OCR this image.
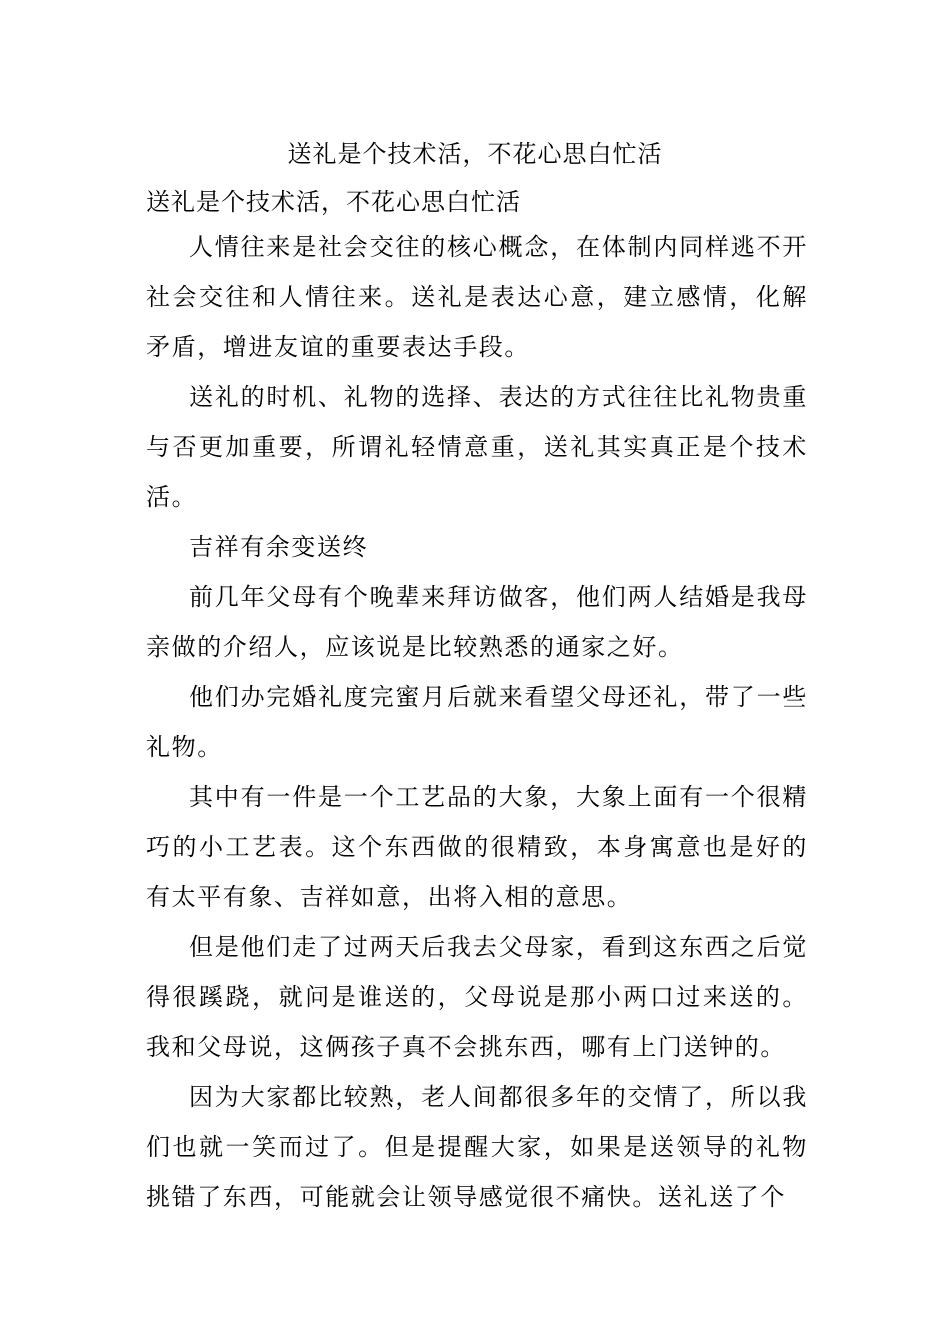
送礼是个技术活，不花心思白忙活

送礼是个技术活，不花心思白忙活

人情往来是社会交往的核心概念，在体制内同样逃不开社会交往和人情往来。送礼是表达心意，建立感情，化解矛盾，增进友谊的重要表达手段。

送礼的时机、礼物的选择、表达的方式往往比礼物贵重与否更加重要，所谓礼轻情意重，送礼其实真正是个技术活。

吉祥有余变送终

前几年父母有个晚辈来拜访做客，他们两人结婚是我母亲做的介绍人，应该说是比较熟悉的通家之好。

他们办完婚礼度完蜜月后就来看望父母还礼，带了一些礼物。

其中有一件是一个工艺品的大象，大象上面有一个很精巧的小工艺表。这个东西做的很精致，本身寓意也是好的有太平有象、吉祥如意，出将入相的意思。

但是他们走了过两天后我去父母家，看到这东西之后觉得很蹊跷，就问是谁送的，父母说是那小两口过来送的。我和父母说，这俩孩子真不会挑东西，哪有上门送钟的。

因为大家都比较熟，老人间都很多年的交情了，所以我们也就一笑而过了。但是提醒大家，如果是送领导的礼物挑错了东西，可能就会让领导感觉很不痛快。送礼送了个
